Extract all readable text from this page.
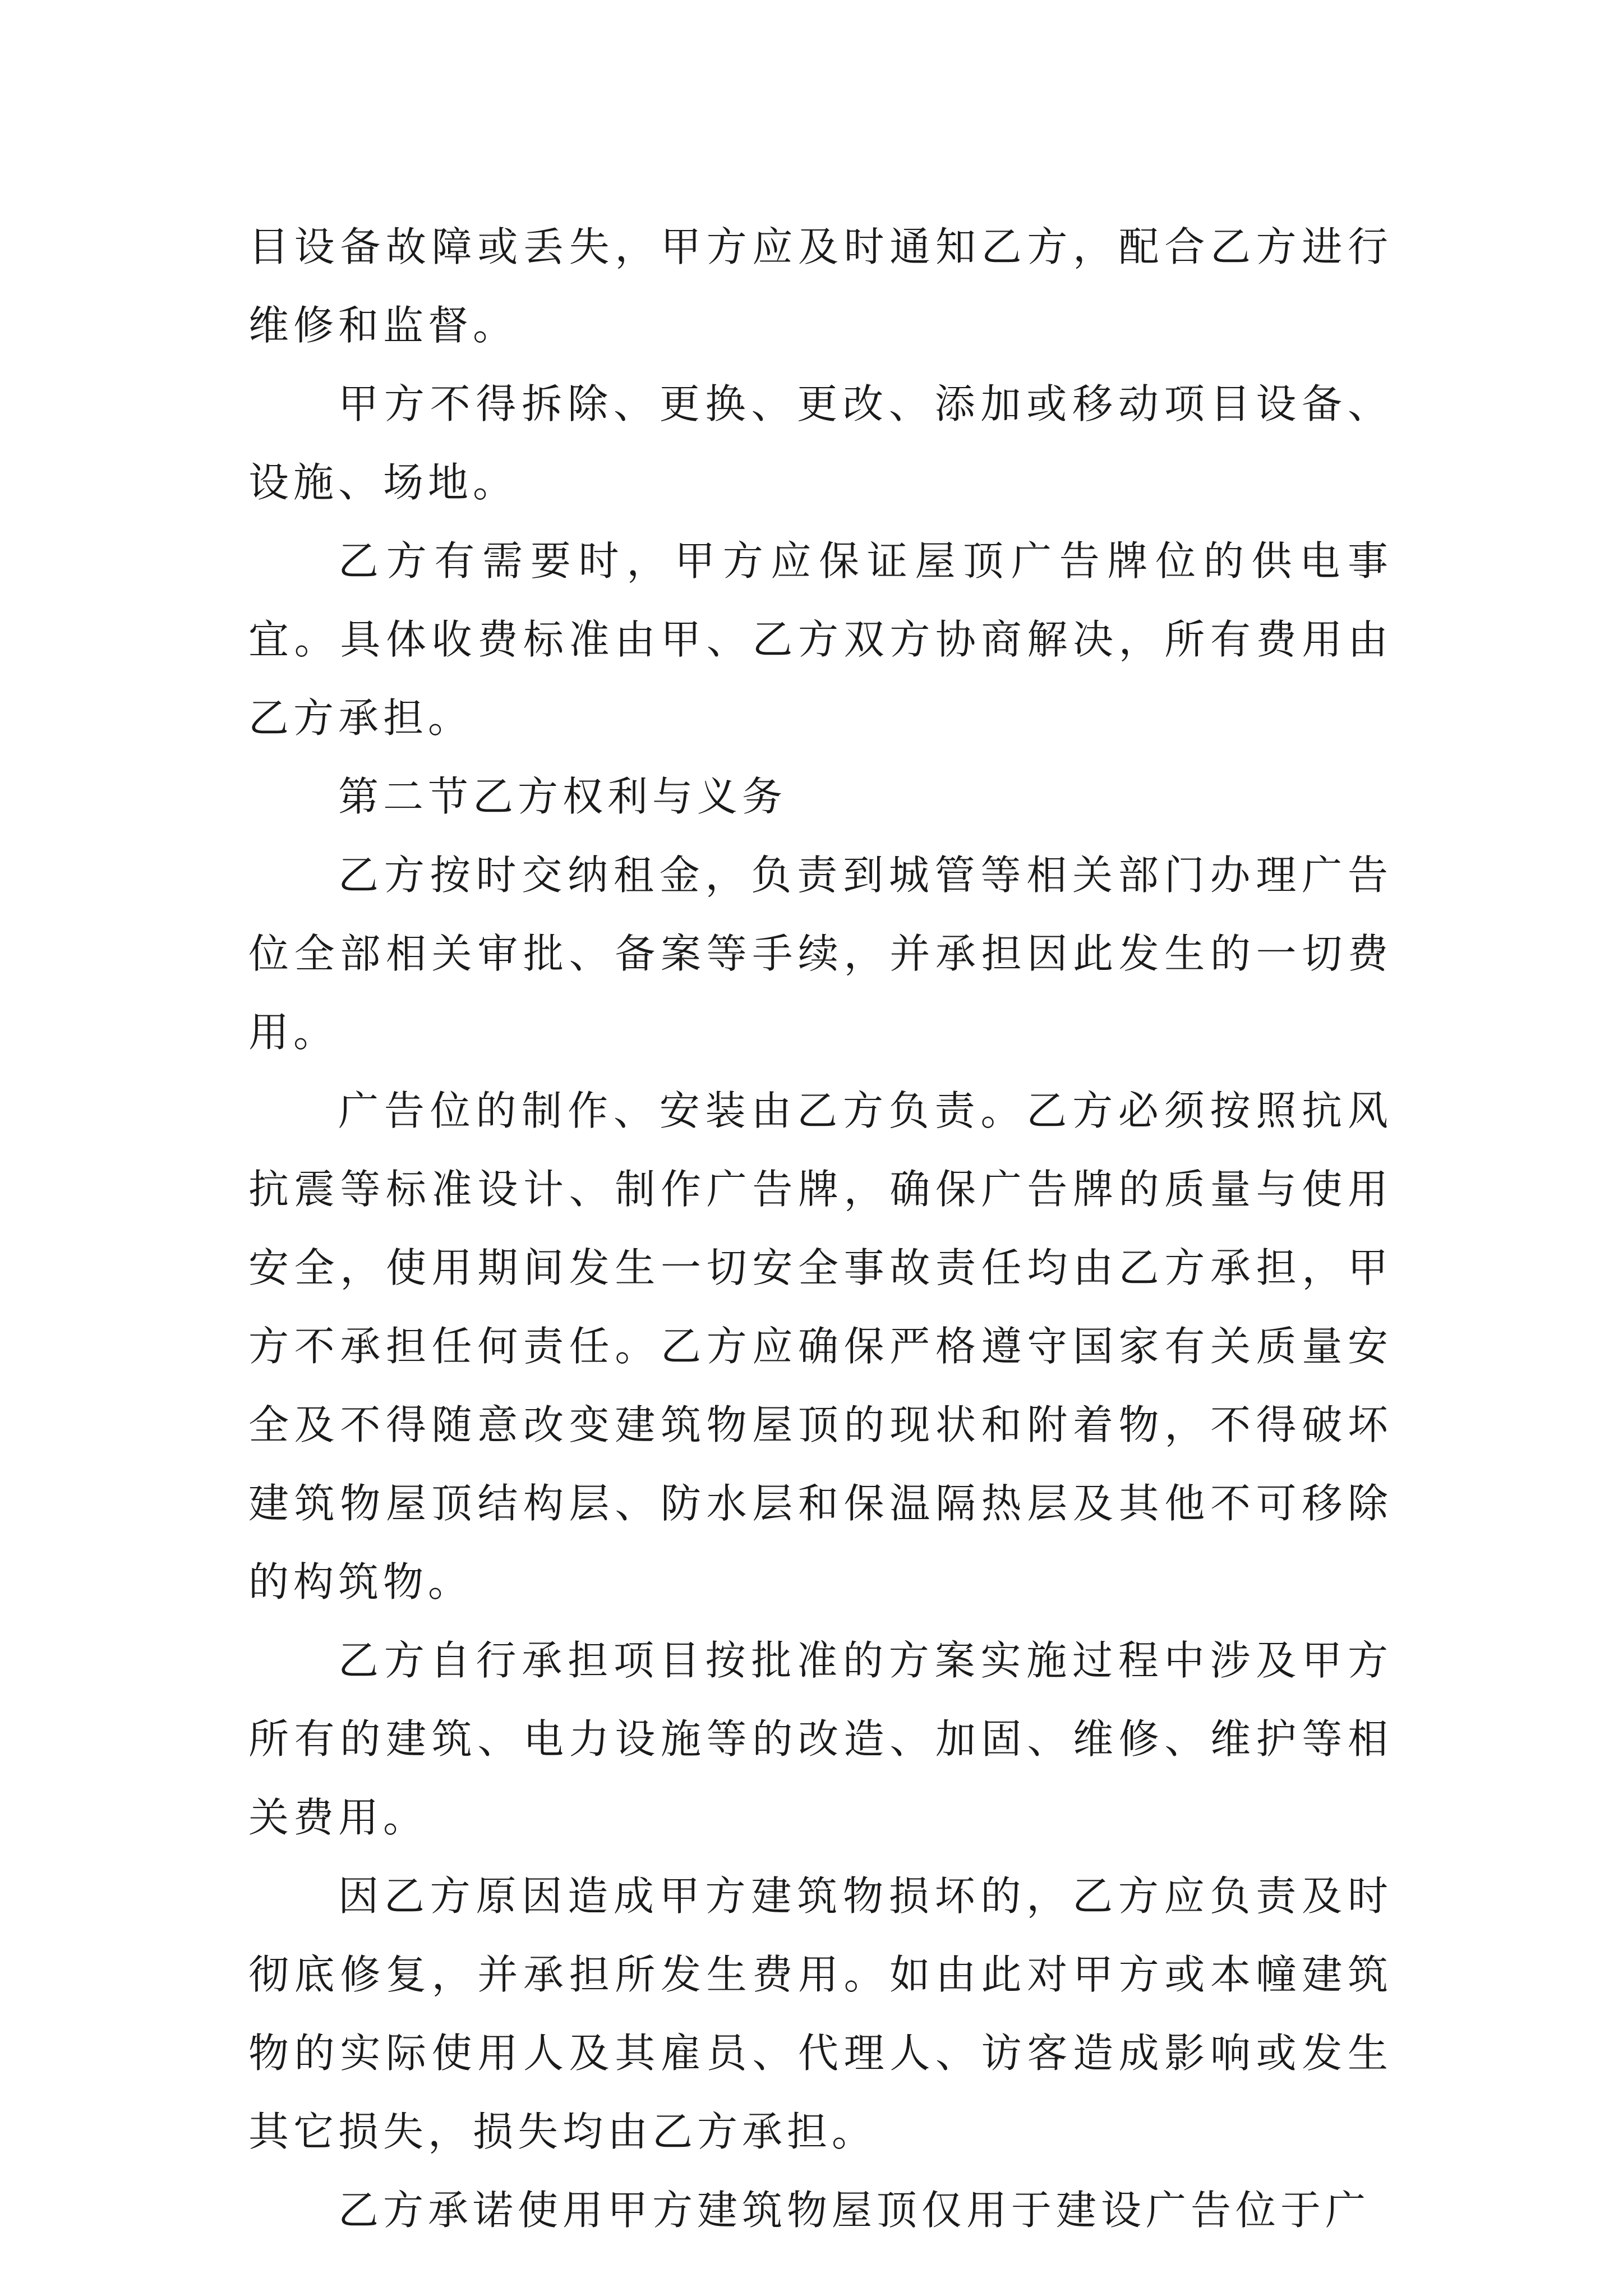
目设备故障或丢失，甲方应及时通知乙方，配合乙方进行维修和监督。

甲方不得拆除、更换、更改、添加或移动项目设备、设施、场地。

乙方有需要时，甲方应保证屋顶广告牌位的供电事宜。具体收费标准由甲、乙方双方协商解决，所有费用由乙方承担。

第二节乙方权利与义务

乙方按时交纳租金，负责到城管等相关部门办理广告位全部相关审批、备案等手续，并承担因此发生的一切费用。

广告位的制作、安装由乙方负责。乙方必须按照抗风抗震等标准设计、制作广告牌，确保广告牌的质量与使用安全，使用期间发生一切安全事故责任均由乙方承担，甲方不承担任何责任。乙方应确保严格遵守国家有关质量安全及不得随意改变建筑物屋顶的现状和附着物，不得破坏建筑物屋顶结构层、防水层和保温隔热层及其他不可移除的构筑物。

乙方自行承担项目按批准的方案实施过程中涉及甲方所有的建筑、电力设施等的改造、加固、维修、维护等相关费用。

因乙方原因造成甲方建筑物损坏的，乙方应负责及时彻底修复，并承担所发生费用。如由此对甲方或本幢建筑物的实际使用人及其雇员、代理人、访客造成影响或发生其它损失，损失均由乙方承担。

乙方承诺使用甲方建筑物屋顶仅用于建设广告位于广
